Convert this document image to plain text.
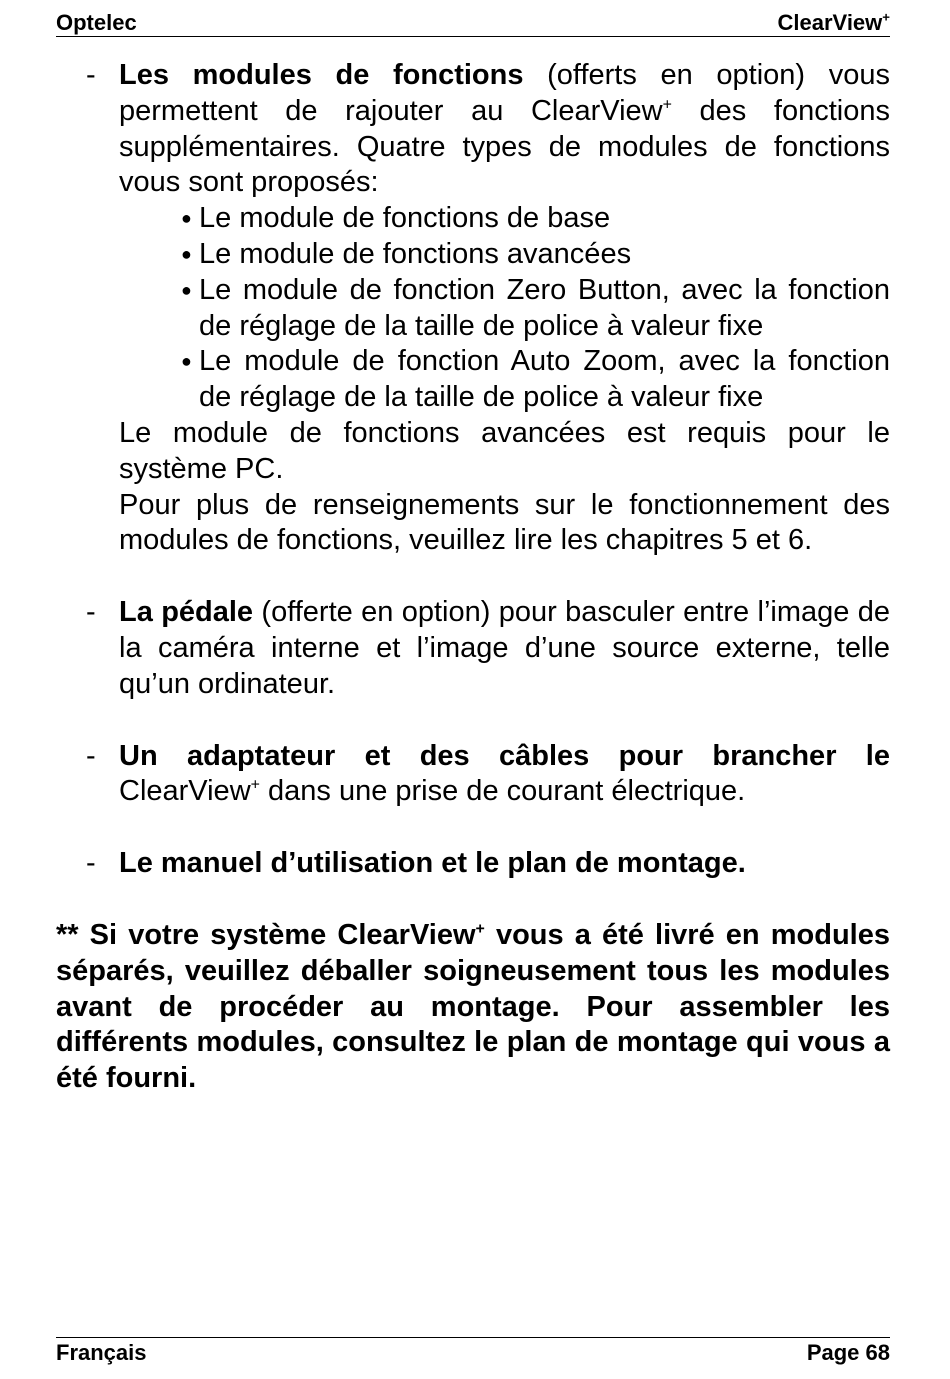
Optelec	ClearView+
- Les modules de fonctions (offerts en option) vous permettent de rajouter au ClearView+ des fonctions supplémentaires. Quatre types de modules de fonctions vous sont proposés:

● Le module de fonctions de base
● Le module de fonctions avancées
● Le module de fonction Zero Button, avec la fonction de réglage de la taille de police à valeur fixe
● Le module de fonction Auto Zoom, avec la fonction de réglage de la taille de police à valeur fixe

Le module de fonctions avancées est requis pour le système PC.

Pour plus de renseignements sur le fonctionnement des modules de fonctions, veuillez lire les chapitres 5 et 6.

- La pédale (offerte en option) pour basculer entre l’image de la caméra interne et l’image d’une source externe, telle qu’un ordinateur.

- Un adaptateur et des câbles pour brancher le

ClearView+ dans une prise de courant électrique.

- Le manuel d’utilisation et le plan de montage.

** Si votre système ClearView+ vous a été livré en modules séparés, veuillez déballer soigneusement tous les modules avant de procéder au montage. Pour assembler les différents modules, consultez le plan de montage qui vous a été fourni.

Français	Page 68
